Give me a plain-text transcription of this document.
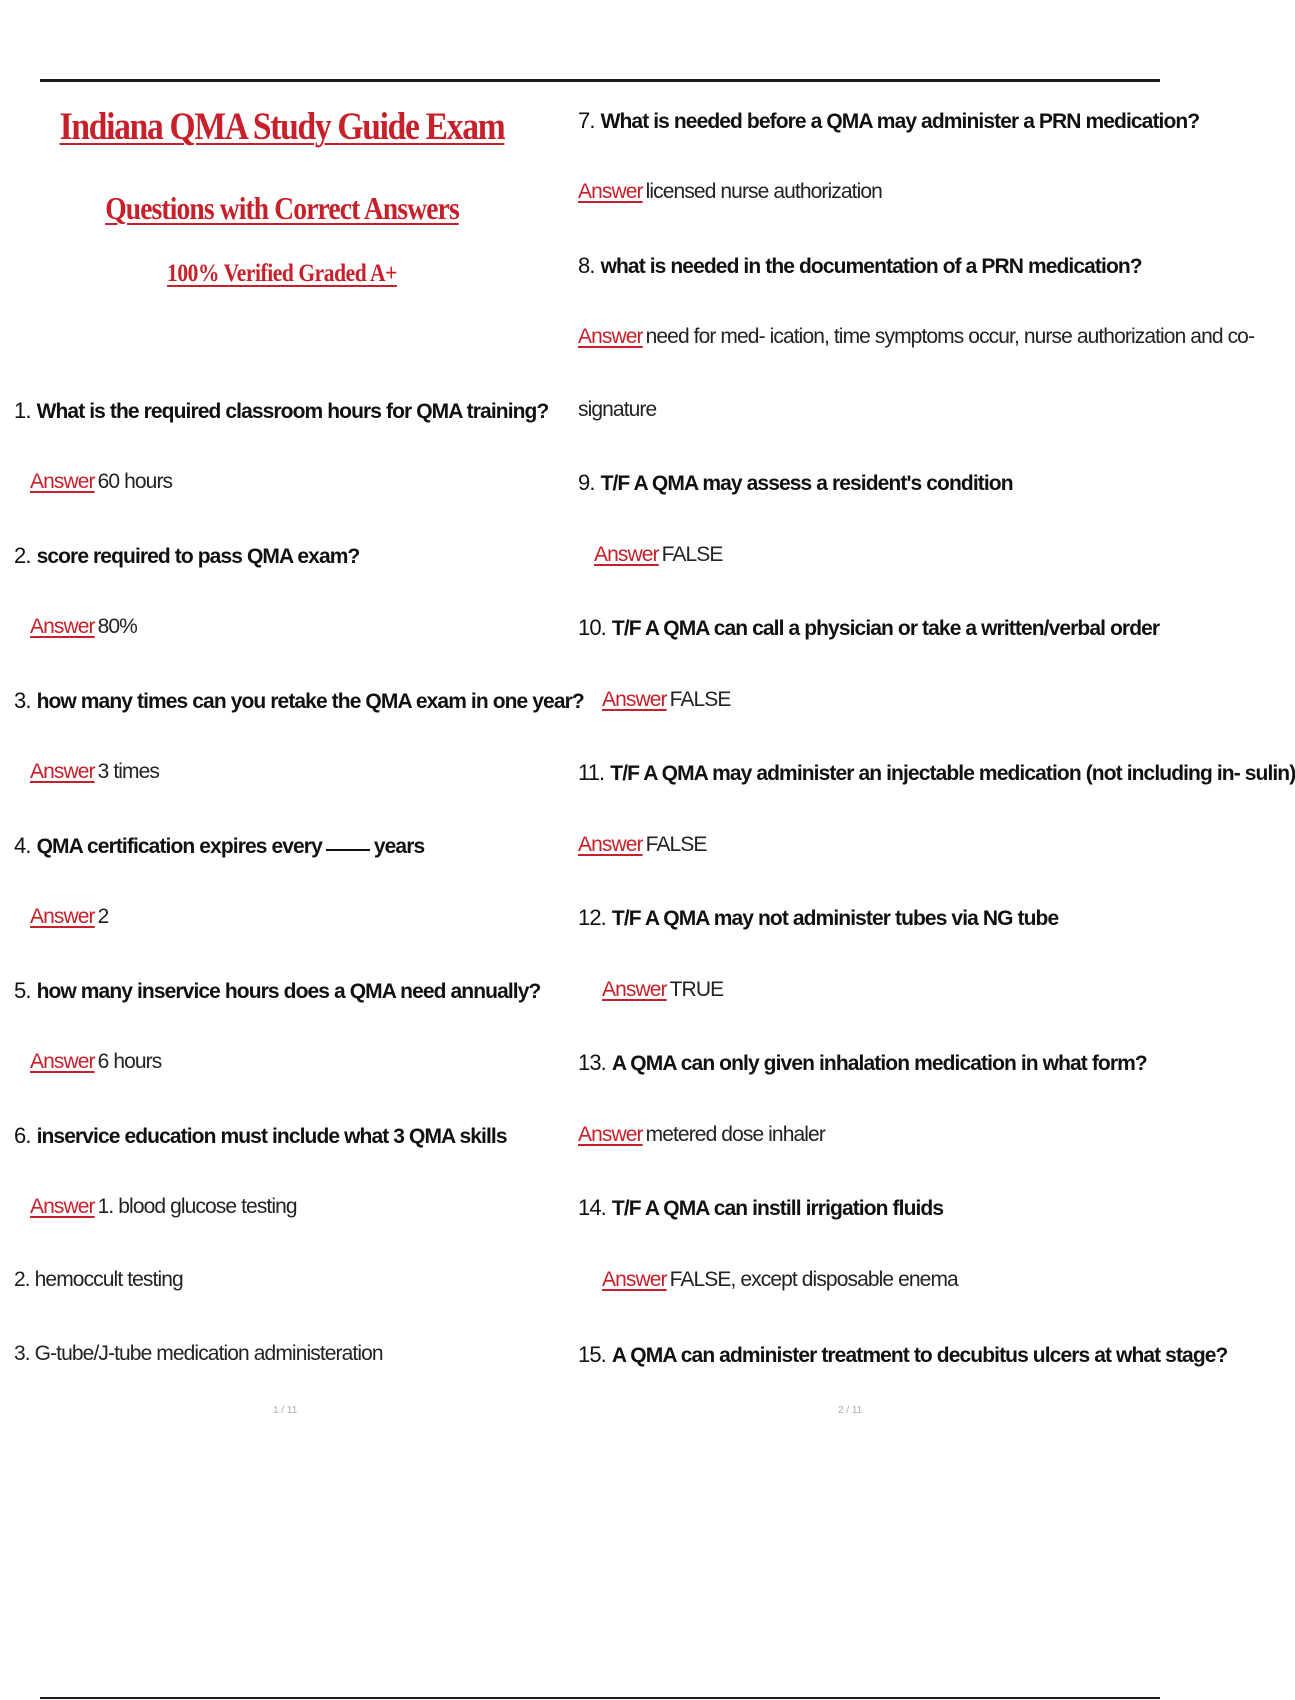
Indiana QMA Study Guide Exam
Questions with Correct Answers
100% Verified Graded A+
1. What is the required classroom hours for QMA training?
Answer 60 hours
2. score required to pass QMA exam?
Answer 80%
3. how many times can you retake the QMA exam in one year?
Answer 3 times
4. QMA certification expires every years
Answer 2
5. how many inservice hours does a QMA need annually?
Answer 6 hours
6. inservice education must include what 3 QMA skills
Answer 1. blood glucose testing
2. hemoccult testing
3. G-tube/J-tube medication administeration
1 / 11
7. What is needed before a QMA may administer a PRN medication?
Answer licensed nurse authorization
8. what is needed in the documentation of a PRN medication?
Answer need for med- ication, time symptoms occur, nurse authorization and co-
signature
9. T/F A QMA may assess a resident's condition
Answer FALSE
10. T/F A QMA can call a physician or take a written/verbal order
Answer FALSE
11. T/F A QMA may administer an injectable medication (not including in- sulin)
Answer FALSE
12. T/F A QMA may not administer tubes via NG tube
Answer TRUE
13. A QMA can only given inhalation medication in what form?
Answer metered dose inhaler
14. T/F A QMA can instill irrigation fluids
Answer FALSE, except disposable enema
15. A QMA can administer treatment to decubitus ulcers at what stage?
2 / 11
